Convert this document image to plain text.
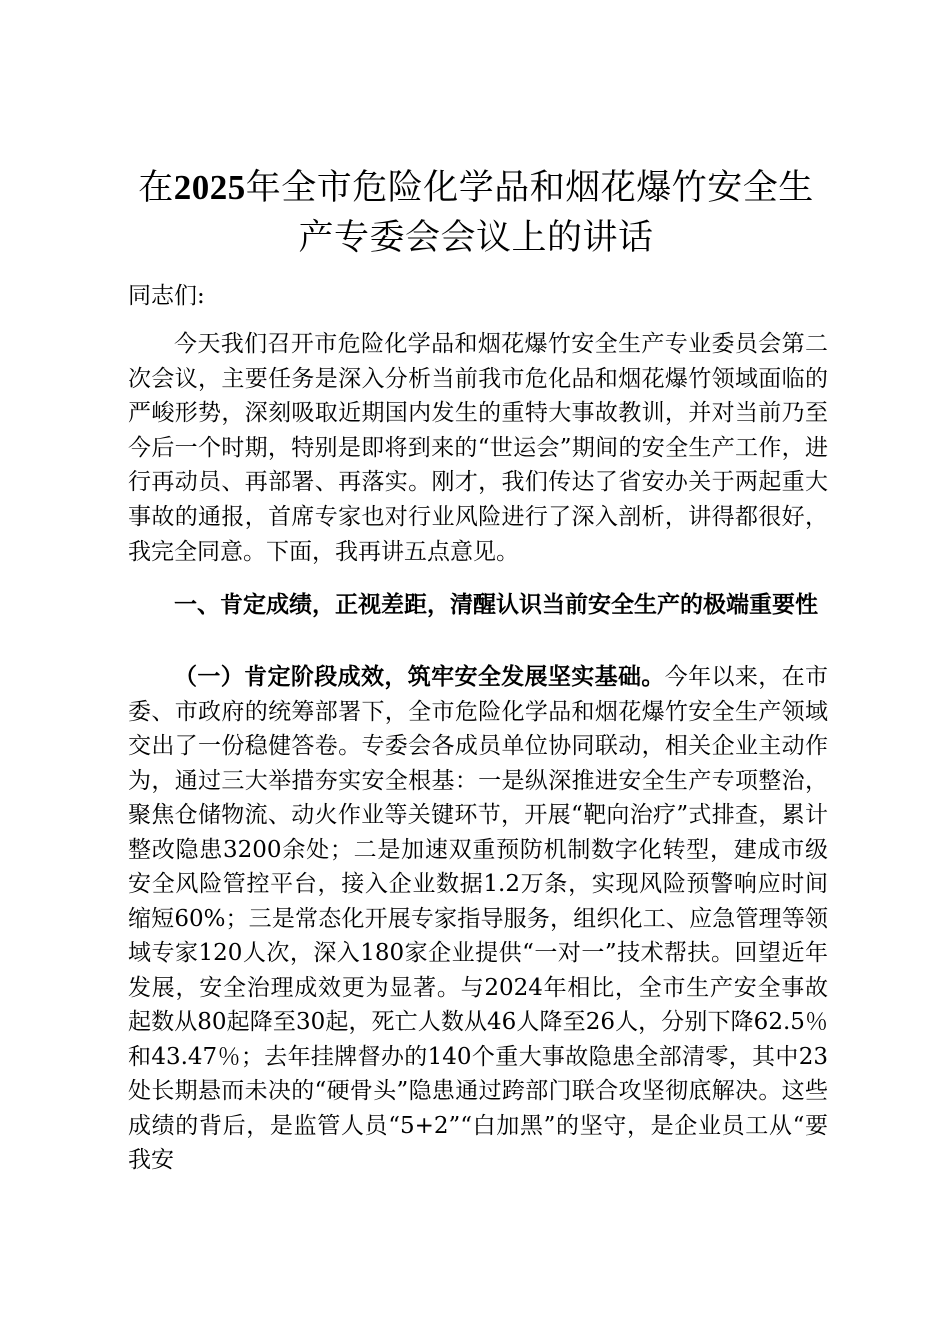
在2025年全市危险化学品和烟花爆竹安全生产专委会会议上的讲话

同志们:

今天我们召开市危险化学品和烟花爆竹安全生产专业委员会第二次会议，主要任务是深入分析当前我市危化品和烟花爆竹领域面临的严峻形势，深刻吸取近期国内发生的重特大事故教训，并对当前乃至今后一个时期，特别是即将到来的“世运会”期间的安全生产工作，进行再动员、再部署、再落实。刚才，我们传达了省安办关于两起重大事故的通报，首席专家也对行业风险进行了深入剖析，讲得都很好，我完全同意。下面，我再讲五点意见。

一、肯定成绩，正视差距，清醒认识当前安全生产的极端重要性

（一）肯定阶段成效，筑牢安全发展坚实基础。今年以来，在市委、市政府的统筹部署下，全市危险化学品和烟花爆竹安全生产领域交出了一份稳健答卷。专委会各成员单位协同联动，相关企业主动作为，通过三大举措夯实安全根基：一是纵深推进安全生产专项整治，聚焦仓储物流、动火作业等关键环节，开展“靶向治疗”式排查，累计整改隐患3200余处；二是加速双重预防机制数字化转型，建成市级安全风险管控平台，接入企业数据1.2万条，实现风险预警响应时间缩短60%；三是常态化开展专家指导服务，组织化工、应急管理等领域专家120人次，深入180家企业提供“一对一”技术帮扶。回望近年发展，安全治理成效更为显著。与2024年相比，全市生产安全事故起数从80起降至30起，死亡人数从46人降至26人，分别下降62.5％和43.47％；去年挂牌督办的140个重大事故隐患全部清零，其中23处长期悬而未决的“硬骨头”隐患通过跨部门联合攻坚彻底解决。这些成绩的背后，是监管人员“5+2”“白加黑”的坚守，是企业员工从“要我安
